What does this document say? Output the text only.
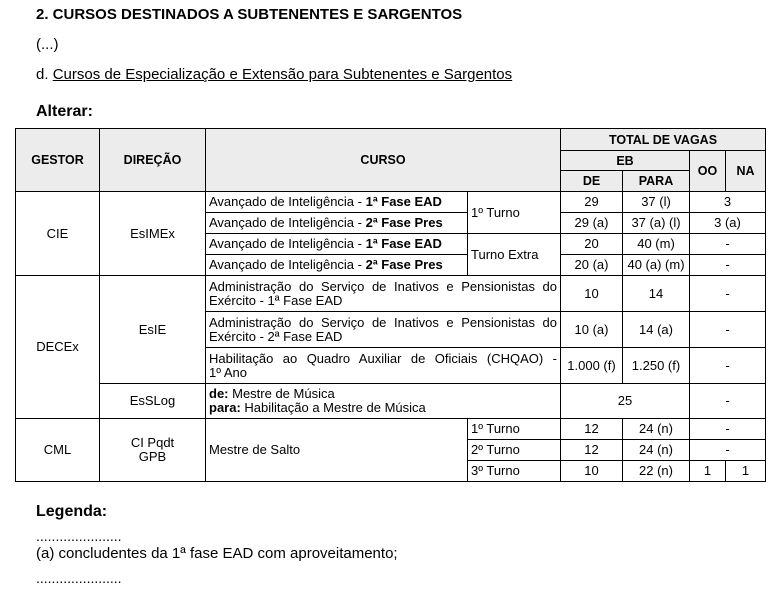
2. CURSOS DESTINADOS A SUBTENENTES E SARGENTOS
(...)
d. Cursos de Especialização e Extensão para Subtenentes e Sargentos
Alterar:
GESTOR	DIREÇÃO	CURSO		TOTAL DE VAGAS			
				EB		OO	NA
				DE	PARA		
CIE	EsIMEx	Avançado de Inteligência - 1ª Fase EAD	1º Turno	29	37 (l)	3	
		Avançado de Inteligência - 2ª Fase Pres		29 (a)	37 (a) (l)	3 (a)	
		Avançado de Inteligência - 1ª Fase EAD	Turno Extra	20	40 (m)	-	
		Avançado de Inteligência - 2ª Fase Pres		20 (a)	40 (a) (m)	-	
DECEx	EsIE	Administração do Serviço de Inativos e Pensionistas do
Exército - 1ª Fase EAD		10	14	-	

		Administração do Serviço de Inativos e Pensionistas do
Exército - 2ª Fase EAD		10 (a)	14 (a)	-	

		Habilitação ao Quadro Auxiliar de Oficiais (CHQAO) -
1º Ano		1.000 (f)	1.250 (f)	-	
	EsSLog	de: Mestre de Música
para: Habilitação a Mestre de Música		25		-	
CML	CI Pqdt
GPB	Mestre de Salto	1º Turno	12	24 (n)	-	
			2º Turno	12	24 (n)	-	
			3º Turno	10	22 (n)	1	1
Legenda:
......................
(a) concludentes da 1ª fase EAD com aproveitamento;
......................
